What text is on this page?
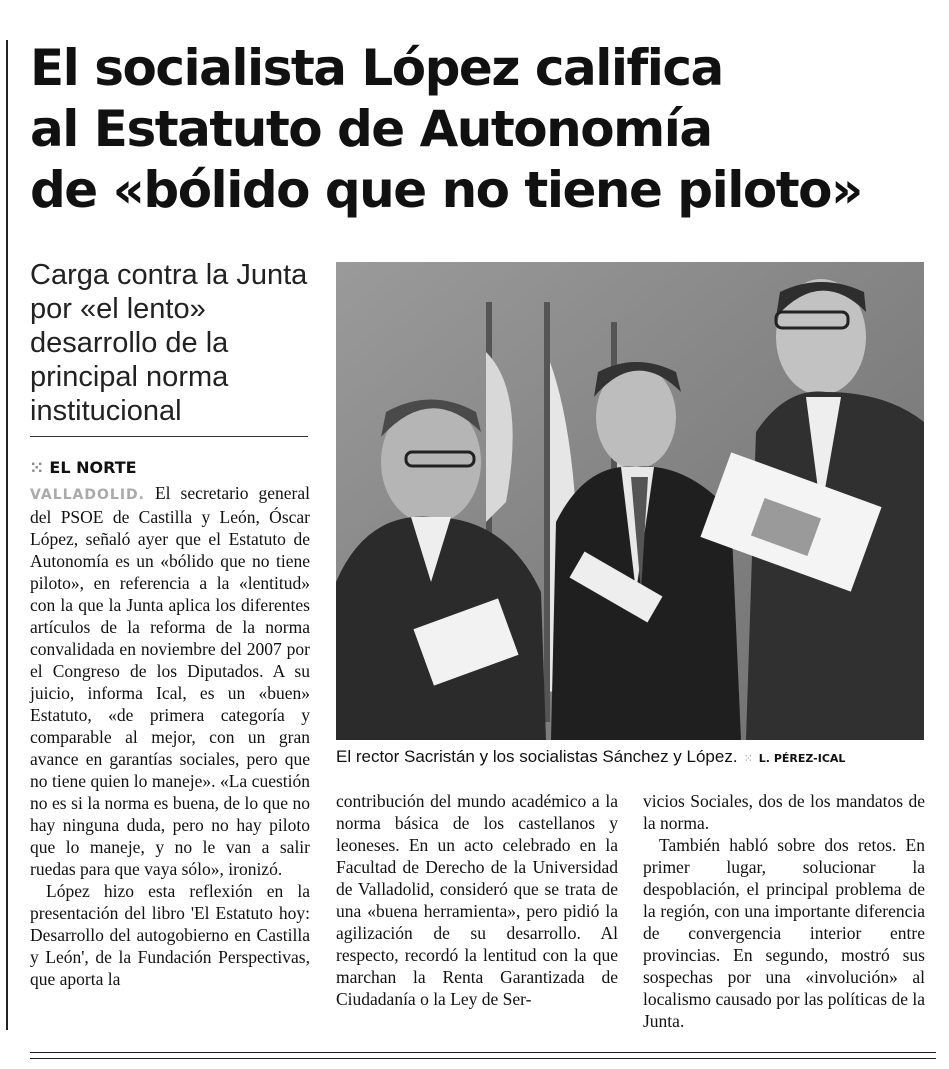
El socialista López califica
al Estatuto de Autonomía
de «bólido que no tiene piloto»
Carga contra la Junta por «el lento» desarrollo de la principal norma institucional
⁙ EL NORTE

VALLADOLID. El secretario general del PSOE de Castilla y León, Óscar López, señaló ayer que el Estatuto de Autonomía es un «bólido que no tiene piloto», en referencia a la «lentitud» con la que la Junta aplica los diferentes artículos de la reforma de la norma convalidada en noviembre del 2007 por el Congreso de los Diputados. A su juicio, informa Ical, es un «buen» Estatuto, «de primera categoría y comparable al mejor, con un gran avance en garantías sociales, pero que no tiene quien lo maneje». «La cuestión no es si la norma es buena, de lo que no hay ninguna duda, pero no hay piloto que lo maneje, y no le van a salir ruedas para que vaya sólo», ironizó.

López hizo esta reflexión en la presentación del libro 'El Estatuto hoy: Desarrollo del autogobierno en Castilla y León', de la Fundación Perspectivas, que aporta la

El rector Sacristán y los socialistas Sánchez y López. ⁙ L. PÉREZ-ICAL

contribución del mundo académico a la norma básica de los castellanos y leoneses. En un acto celebrado en la Facultad de Derecho de la Universidad de Valladolid, consideró que se trata de una «buena herramienta», pero pidió la agilización de su desarrollo. Al respecto, recordó la lentitud con la que marchan la Renta Garantizada de Ciudadanía o la Ley de Ser-

vicios Sociales, dos de los mandatos de la norma.

También habló sobre dos retos. En primer lugar, solucionar la despoblación, el principal problema de la región, con una importante diferencia de convergencia interior entre provincias. En segundo, mostró sus sospechas por una «involución» al localismo causado por las políticas de la Junta.
